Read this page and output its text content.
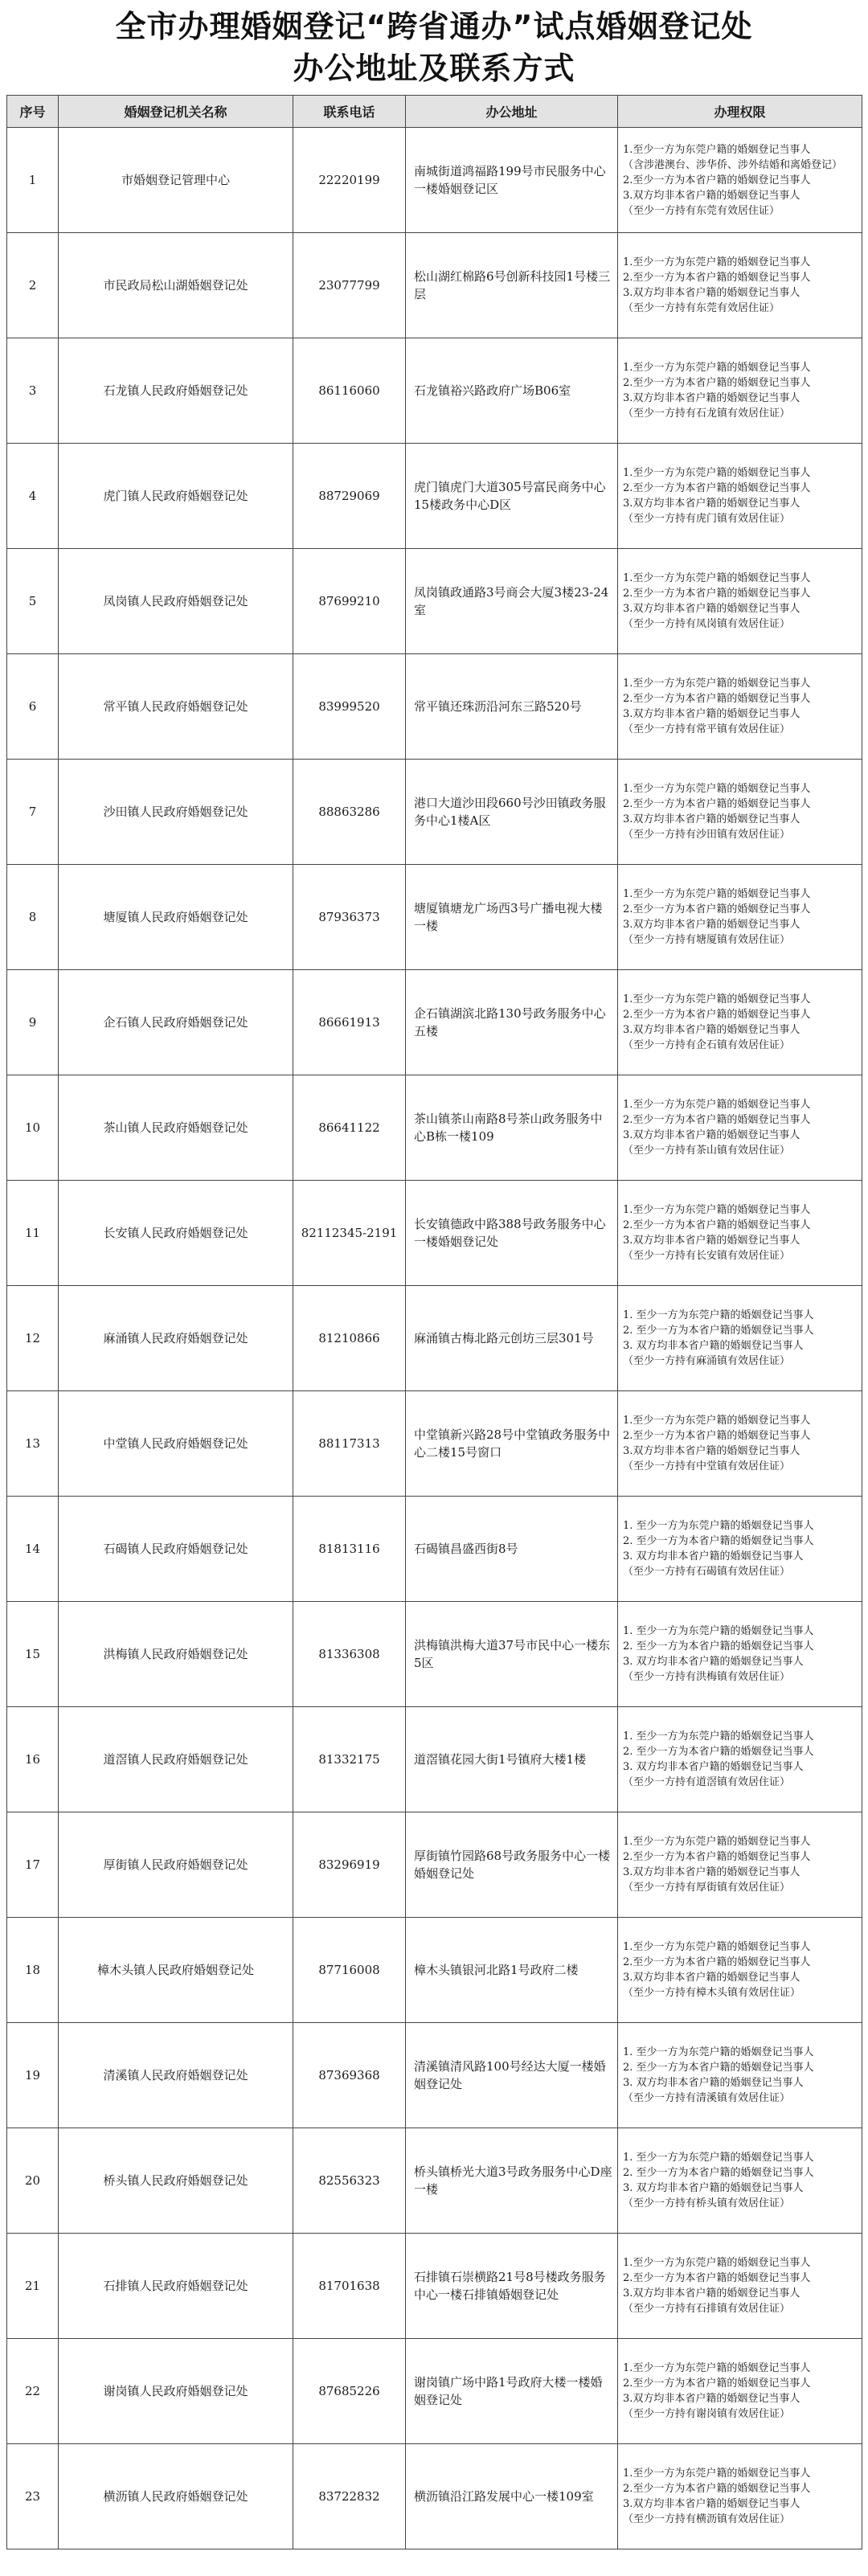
全市办理婚姻登记“跨省通办”试点婚姻登记处
办公地址及联系方式
序号	婚姻登记机关名称	联系电话	办公地址	办理权限
1	市婚姻登记管理中心	22220199	南城街道鸿福路199号市民服务中心一楼婚姻登记区	1.至少一方为东莞户籍的婚姻登记当事人
（含涉港澳台、涉华侨、涉外结婚和离婚登记）
2.至少一方为本省户籍的婚姻登记当事人
3.双方均非本省户籍的婚姻登记当事人
（至少一方持有东莞有效居住证）

2	市民政局松山湖婚姻登记处	23077799	松山湖红棉路6号创新科技园1号楼三层	1.至少一方为东莞户籍的婚姻登记当事人
2.至少一方为本省户籍的婚姻登记当事人
3.双方均非本省户籍的婚姻登记当事人
（至少一方持有东莞有效居住证）

3	石龙镇人民政府婚姻登记处	86116060	石龙镇裕兴路政府广场B06室	1.至少一方为东莞户籍的婚姻登记当事人
2.至少一方为本省户籍的婚姻登记当事人
3.双方均非本省户籍的婚姻登记当事人
（至少一方持有石龙镇有效居住证）

4	虎门镇人民政府婚姻登记处	88729069	虎门镇虎门大道305号富民商务中心15楼政务中心D区	1.至少一方为东莞户籍的婚姻登记当事人
2.至少一方为本省户籍的婚姻登记当事人
3.双方均非本省户籍的婚姻登记当事人
（至少一方持有虎门镇有效居住证）

5	凤岗镇人民政府婚姻登记处	87699210	凤岗镇政通路3号商会大厦3楼23-24室	1.至少一方为东莞户籍的婚姻登记当事人
2.至少一方为本省户籍的婚姻登记当事人
3.双方均非本省户籍的婚姻登记当事人
（至少一方持有凤岗镇有效居住证）

6	常平镇人民政府婚姻登记处	83999520	常平镇还珠沥沿河东三路520号	1.至少一方为东莞户籍的婚姻登记当事人
2.至少一方为本省户籍的婚姻登记当事人
3.双方均非本省户籍的婚姻登记当事人
（至少一方持有常平镇有效居住证）

7	沙田镇人民政府婚姻登记处	88863286	港口大道沙田段660号沙田镇政务服务中心1楼A区	1.至少一方为东莞户籍的婚姻登记当事人
2.至少一方为本省户籍的婚姻登记当事人
3.双方均非本省户籍的婚姻登记当事人
（至少一方持有沙田镇有效居住证）

8	塘厦镇人民政府婚姻登记处	87936373	塘厦镇塘龙广场西3号广播电视大楼一楼	1.至少一方为东莞户籍的婚姻登记当事人
2.至少一方为本省户籍的婚姻登记当事人
3.双方均非本省户籍的婚姻登记当事人
（至少一方持有塘厦镇有效居住证）

9	企石镇人民政府婚姻登记处	86661913	企石镇湖滨北路130号政务服务中心五楼	1.至少一方为东莞户籍的婚姻登记当事人
2.至少一方为本省户籍的婚姻登记当事人
3.双方均非本省户籍的婚姻登记当事人
（至少一方持有企石镇有效居住证）

10	茶山镇人民政府婚姻登记处	86641122	茶山镇茶山南路8号茶山政务服务中心B栋一楼109	1.至少一方为东莞户籍的婚姻登记当事人
2.至少一方为本省户籍的婚姻登记当事人
3.双方均非本省户籍的婚姻登记当事人
（至少一方持有茶山镇有效居住证）

11	长安镇人民政府婚姻登记处	82112345-2191	长安镇德政中路388号政务服务中心一楼婚姻登记处	1.至少一方为东莞户籍的婚姻登记当事人
2.至少一方为本省户籍的婚姻登记当事人
3.双方均非本省户籍的婚姻登记当事人
（至少一方持有长安镇有效居住证）

12	麻涌镇人民政府婚姻登记处	81210866	麻涌镇古梅北路元创坊三层301号	1. 至少一方为东莞户籍的婚姻登记当事人
2. 至少一方为本省户籍的婚姻登记当事人
3. 双方均非本省户籍的婚姻登记当事人
（至少一方持有麻涌镇有效居住证）

13	中堂镇人民政府婚姻登记处	88117313	中堂镇新兴路28号中堂镇政务服务中心二楼15号窗口	1.至少一方为东莞户籍的婚姻登记当事人
2.至少一方为本省户籍的婚姻登记当事人
3.双方均非本省户籍的婚姻登记当事人
（至少一方持有中堂镇有效居住证）

14	石碣镇人民政府婚姻登记处	81813116	石碣镇昌盛西街8号	1. 至少一方为东莞户籍的婚姻登记当事人
2. 至少一方为本省户籍的婚姻登记当事人
3. 双方均非本省户籍的婚姻登记当事人
（至少一方持有石碣镇有效居住证）

15	洪梅镇人民政府婚姻登记处	81336308	洪梅镇洪梅大道37号市民中心一楼东5区	1. 至少一方为东莞户籍的婚姻登记当事人
2. 至少一方为本省户籍的婚姻登记当事人
3. 双方均非本省户籍的婚姻登记当事人
（至少一方持有洪梅镇有效居住证）

16	道滘镇人民政府婚姻登记处	81332175	道滘镇花园大街1号镇府大楼1楼	1. 至少一方为东莞户籍的婚姻登记当事人
2. 至少一方为本省户籍的婚姻登记当事人
3. 双方均非本省户籍的婚姻登记当事人
（至少一方持有道滘镇有效居住证）

17	厚街镇人民政府婚姻登记处	83296919	厚街镇竹园路68号政务服务中心一楼婚姻登记处	1.至少一方为东莞户籍的婚姻登记当事人
2.至少一方为本省户籍的婚姻登记当事人
3.双方均非本省户籍的婚姻登记当事人
（至少一方持有厚街镇有效居住证）

18	樟木头镇人民政府婚姻登记处	87716008	樟木头镇银河北路1号政府二楼	1.至少一方为东莞户籍的婚姻登记当事人
2.至少一方为本省户籍的婚姻登记当事人
3.双方均非本省户籍的婚姻登记当事人
（至少一方持有樟木头镇有效居住证）

19	清溪镇人民政府婚姻登记处	87369368	清溪镇清风路100号经达大厦一楼婚姻登记处	1. 至少一方为东莞户籍的婚姻登记当事人
2. 至少一方为本省户籍的婚姻登记当事人
3. 双方均非本省户籍的婚姻登记当事人
（至少一方持有清溪镇有效居住证）

20	桥头镇人民政府婚姻登记处	82556323	桥头镇桥光大道3号政务服务中心D座一楼	1. 至少一方为东莞户籍的婚姻登记当事人
2. 至少一方为本省户籍的婚姻登记当事人
3. 双方均非本省户籍的婚姻登记当事人
（至少一方持有桥头镇有效居住证）

21	石排镇人民政府婚姻登记处	81701638	石排镇石崇横路21号8号楼政务服务中心一楼石排镇婚姻登记处	1.至少一方为东莞户籍的婚姻登记当事人
2.至少一方为本省户籍的婚姻登记当事人
3.双方均非本省户籍的婚姻登记当事人
（至少一方持有石排镇有效居住证）

22	谢岗镇人民政府婚姻登记处	87685226	谢岗镇广场中路1号政府大楼一楼婚姻登记处	1.至少一方为东莞户籍的婚姻登记当事人
2.至少一方为本省户籍的婚姻登记当事人
3.双方均非本省户籍的婚姻登记当事人
（至少一方持有谢岗镇有效居住证）

23	横沥镇人民政府婚姻登记处	83722832	横沥镇沿江路发展中心一楼109室	1.至少一方为东莞户籍的婚姻登记当事人
2.至少一方为本省户籍的婚姻登记当事人
3.双方均非本省户籍的婚姻登记当事人
（至少一方持有横沥镇有效居住证）
